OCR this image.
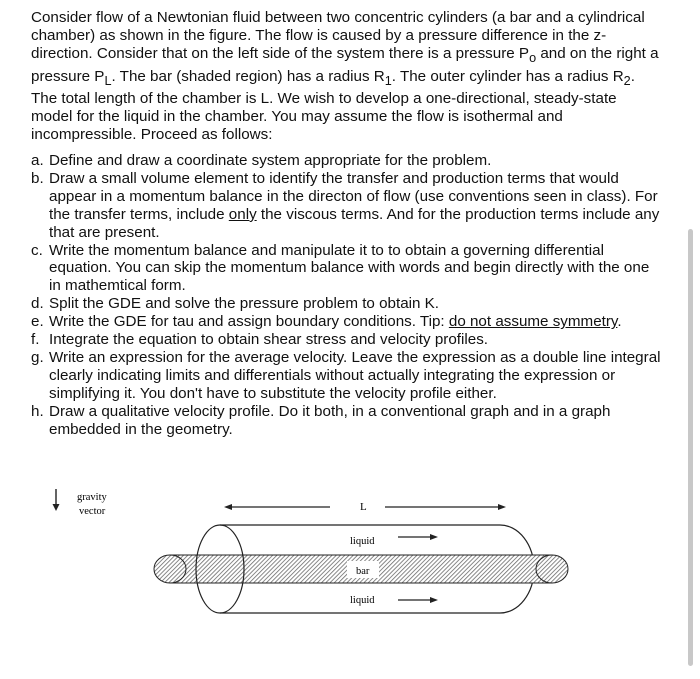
Consider flow of a Newtonian fluid between two concentric cylinders (a bar and a cylindrical chamber) as shown in the figure. The flow is caused by a pressure difference in the z-direction. Consider that on the left side of the system there is a pressure $P_o$ and on the right a pressure $P_L$. The bar (shaded region) has a radius $R_1$. The outer cylinder has a radius $R_2$. The total length of the chamber is L. We wish to develop a one-directional, steady-state model for the liquid in the chamber. You may assume the flow is isothermal and incompressible. Proceed as follows:

a. Define and draw a coordinate system appropriate for the problem.
b. Draw a small volume element to identify the transfer and production terms that would appear in a momentum balance in the directon of flow (use conventions seen in class). For the transfer terms, include only the viscous terms. And for the production terms include any that are present.
c. Write the momentum balance and manipulate it to to obtain a governing differential equation. You can skip the momentum balance with words and begin directly with the one in mathemtical form.
d. Split the GDE and solve the pressure problem to obtain K.
e. Write the GDE for tau and assign boundary conditions. Tip: do not assume symmetry.
f. Integrate the equation to obtain shear stress and velocity profiles.
g. Write an expression for the average velocity. Leave the expression as a double line integral clearly indicating limits and differentials without actually integrating the expression or simplifying it. You don't have to substitute the velocity profile either.
h. Draw a qualitative velocity profile. Do it both, in a conventional graph and in a graph embedded in the geometry.
gravity
vector	L
bar
liquid
liquid
